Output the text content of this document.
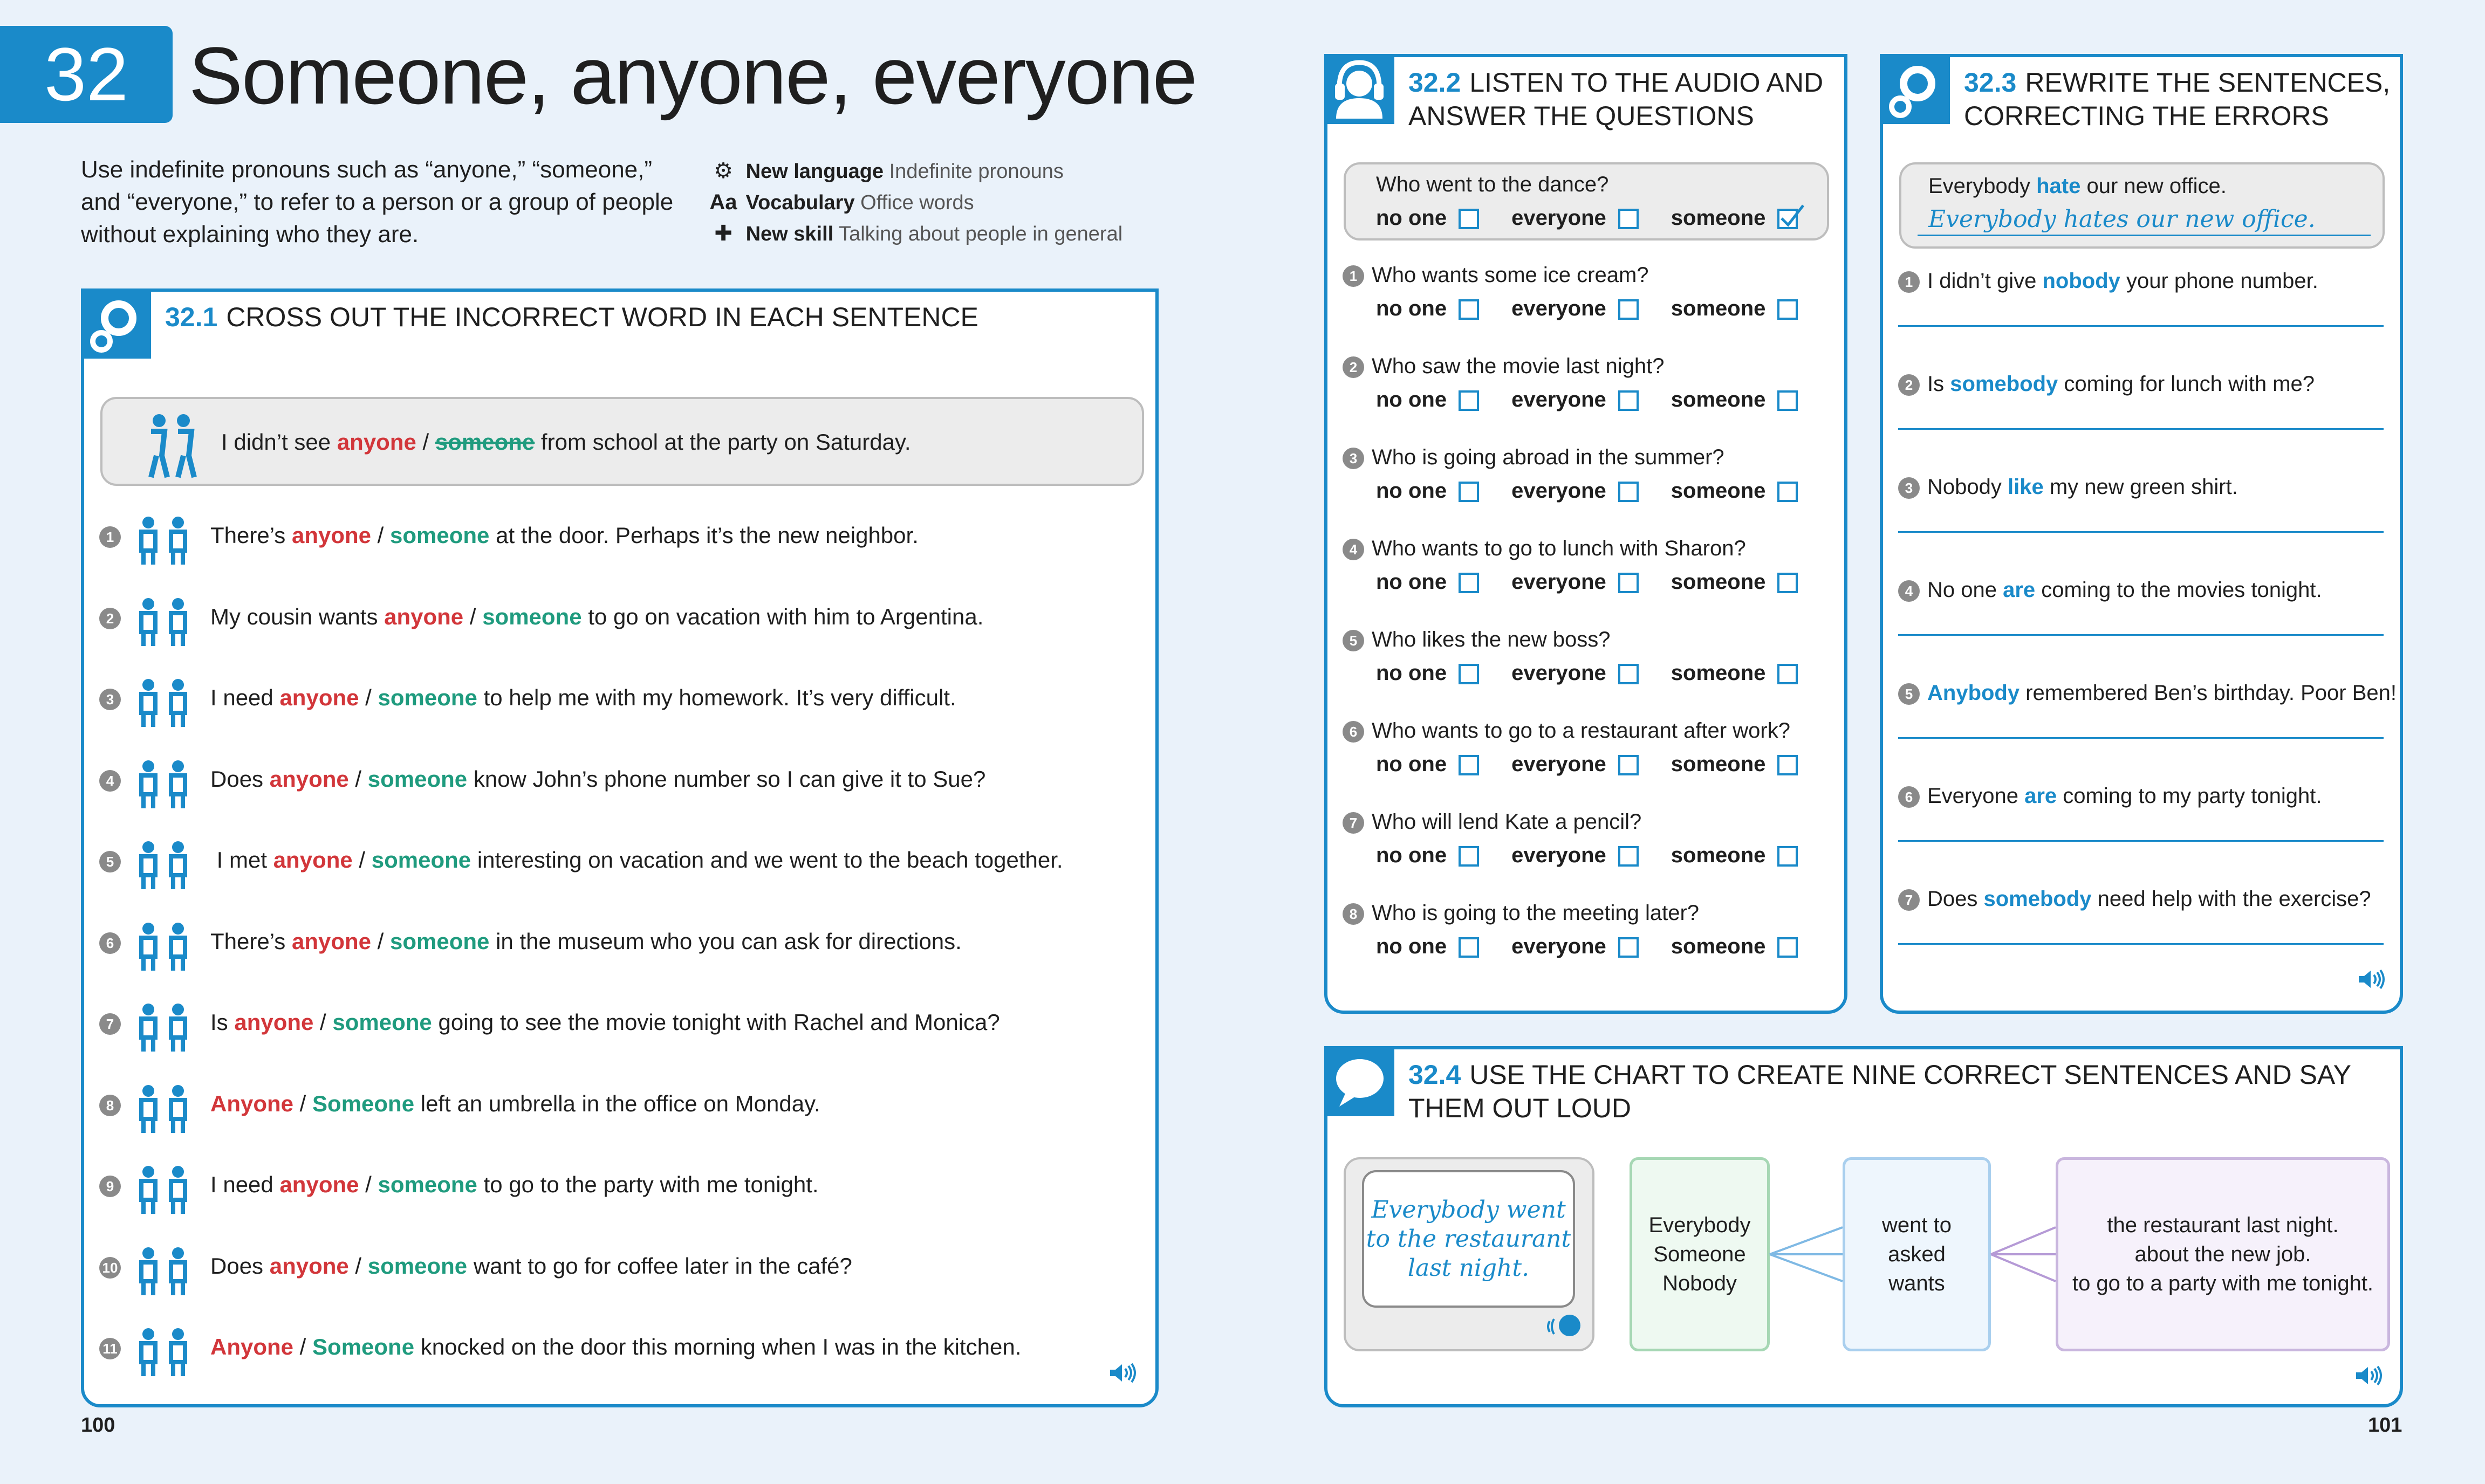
32 Someone, anyone, everyone
Use indefinite pronouns such as “anyone,” “someone,” and “everyone,” to refer to a person or a group of people without explaining who they are.
⚙ New language Indefinite pronouns
Aa Vocabulary Office words
✚ New skill Talking about people in general
32.1 CROSS OUT THE INCORRECT WORD IN EACH SENTENCE
I didn’t see anyone / someone from school at the party on Saturday.
1	There’s anyone / someone at the door. Perhaps it’s the new neighbor.
2	My cousin wants anyone / someone to go on vacation with him to Argentina.
3	I need anyone / someone to help me with my homework. It’s very difficult.
4	Does anyone / someone know John’s phone number so I can give it to Sue?
5	I met anyone / someone interesting on vacation and we went to the beach together.
6	There’s anyone / someone in the museum who you can ask for directions.
7	Is anyone / someone going to see the movie tonight with Rachel and Monica?
8	Anyone / Someone left an umbrella in the office on Monday.
9	I need anyone / someone to go to the party with me tonight.
10	Does anyone / someone want to go for coffee later in the café?
11	Anyone / Someone knocked on the door this morning when I was in the kitchen.
32.2 LISTEN TO THE AUDIO AND
ANSWER THE QUESTIONS
Who went to the dance?
no one	everyone	someone
1 Who wants some ice cream?
no one	everyone	someone
2 Who saw the movie last night?
no one	everyone	someone
3 Who is going abroad in the summer?
no one	everyone	someone
4 Who wants to go to lunch with Sharon?
no one	everyone	someone
5 Who likes the new boss?
no one	everyone	someone
6 Who wants to go to a restaurant after work?
no one	everyone	someone
7 Who will lend Kate a pencil?
no one	everyone	someone
8 Who is going to the meeting later?
no one	everyone	someone
32.3 REWRITE THE SENTENCES,
CORRECTING THE ERRORS
Everybody hate our new office.
Everybody hates our new office.
1 I didn’t give nobody your phone number.
2 Is somebody coming for lunch with me?
3 Nobody like my new green shirt.
4 No one are coming to the movies tonight.
5 Anybody remembered Ben’s birthday. Poor Ben!
6 Everyone are coming to my party tonight.
7 Does somebody need help with the exercise?
32.4 USE THE CHART TO CREATE NINE CORRECT SENTENCES AND SAY
THEM OUT LOUD
Everybody went
to the restaurant
last night.
Everybody
Someone
Nobody
went to
asked
wants
the restaurant last night.
about the new job.
to go to a party with me tonight.
100	101
